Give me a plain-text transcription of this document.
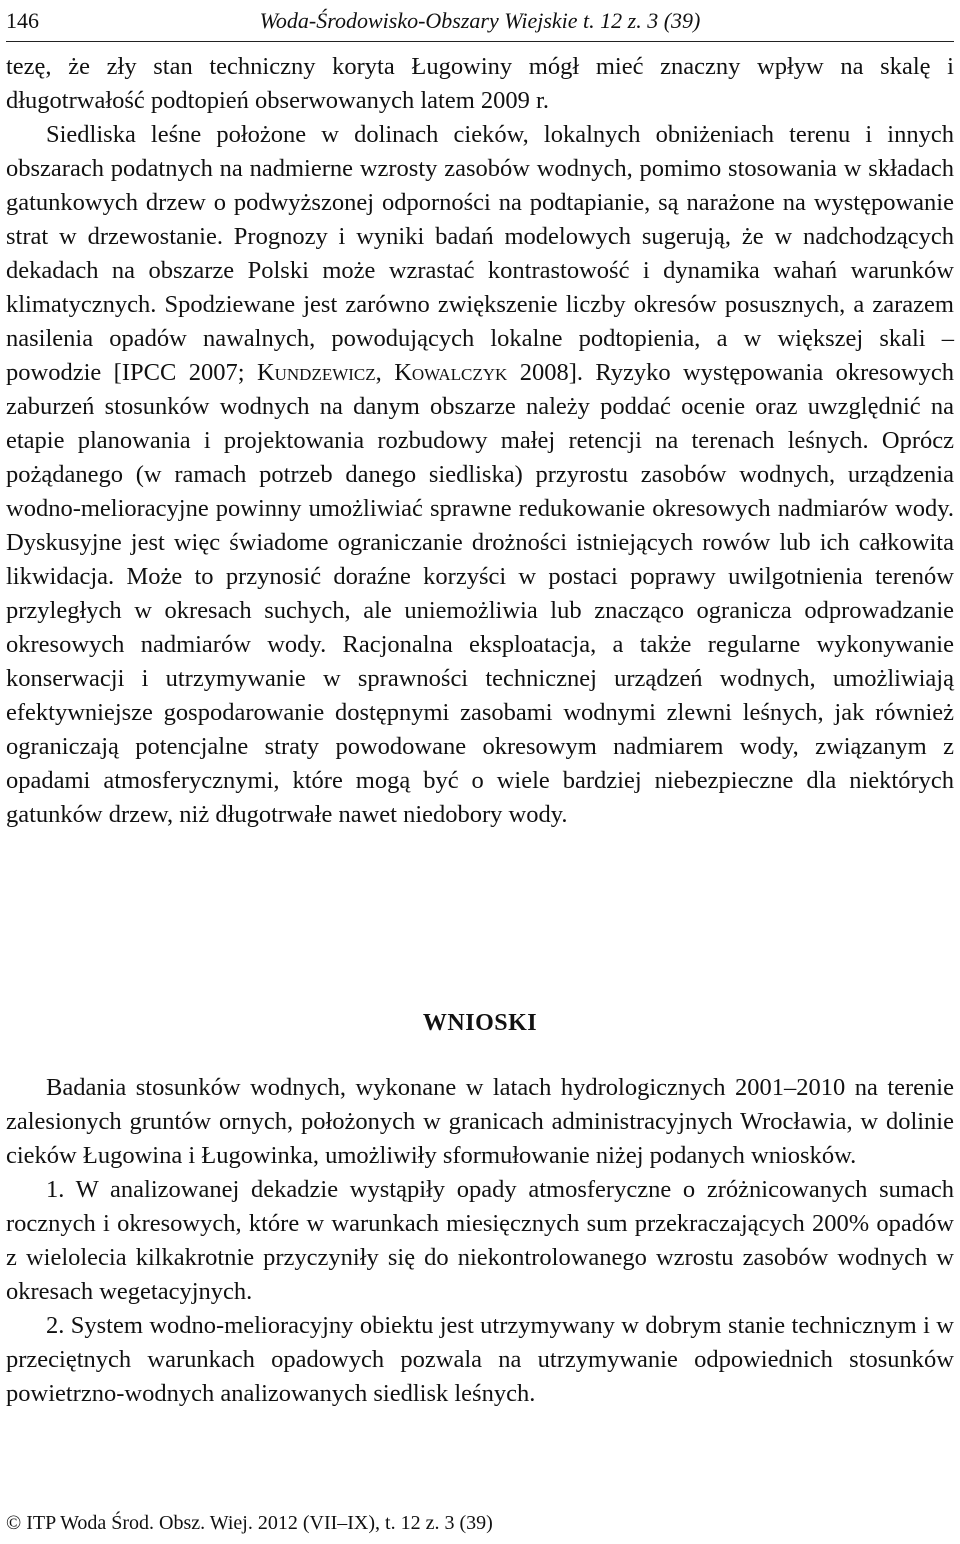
146	Woda-Środowisko-Obszary Wiejskie t. 12 z. 3 (39)

tezę, że zły stan techniczny koryta Ługowiny mógł mieć znaczny wpływ na skalę i długotrwałość podtopień obserwowanych latem 2009 r.

Siedliska leśne położone w dolinach cieków, lokalnych obniżeniach terenu i innych obszarach podatnych na nadmierne wzrosty zasobów wodnych, pomimo stosowania w składach gatunkowych drzew o podwyższonej odporności na podtapianie, są narażone na występowanie strat w drzewostanie. Prognozy i wyniki badań modelowych sugerują, że w nadchodzących dekadach na obszarze Polski może wzrastać kontrastowość i dynamika wahań warunków klimatycznych. Spodziewane jest zarówno zwiększenie liczby okresów posusznych, a zarazem nasilenia opadów nawalnych, powodujących lokalne podtopienia, a w większej skali – powodzie [IPCC 2007; Kundzewicz, Kowalczyk 2008]. Ryzyko występowania okresowych zaburzeń stosunków wodnych na danym obszarze należy poddać ocenie oraz uwzględnić na etapie planowania i projektowania rozbudowy małej retencji na terenach leśnych. Oprócz pożądanego (w ramach potrzeb danego siedliska) przyrostu zasobów wodnych, urządzenia wodno-melioracyjne powinny umożliwiać sprawne redukowanie okresowych nadmiarów wody. Dyskusyjne jest więc świadome ograniczanie drożności istniejących rowów lub ich całkowita likwidacja. Może to przynosić doraźne korzyści w postaci poprawy uwilgotnienia terenów przyległych w okresach suchych, ale uniemożliwia lub znacząco ogranicza odprowadzanie okresowych nadmiarów wody. Racjonalna eksploatacja, a także regularne wykonywanie konserwacji i utrzymywanie w sprawności technicznej urządzeń wodnych, umożliwiają efektywniejsze gospodarowanie dostępnymi zasobami wodnymi zlewni leśnych, jak również ograniczają potencjalne straty powodowane okresowym nadmiarem wody, związanym z opadami atmosferycznymi, które mogą być o wiele bardziej niebezpieczne dla niektórych gatunków drzew, niż długotrwałe nawet niedobory wody.

WNIOSKI

Badania stosunków wodnych, wykonane w latach hydrologicznych 2001–2010 na terenie zalesionych gruntów ornych, położonych w granicach administracyjnych Wrocławia, w dolinie cieków Ługowina i Ługowinka, umożliwiły sformułowanie niżej podanych wniosków.

1. W analizowanej dekadzie wystąpiły opady atmosferyczne o zróżnicowanych sumach rocznych i okresowych, które w warunkach miesięcznych sum przekraczających 200% opadów z wielolecia kilkakrotnie przyczyniły się do niekontrolowanego wzrostu zasobów wodnych w okresach wegetacyjnych.

2. System wodno-melioracyjny obiektu jest utrzymywany w dobrym stanie technicznym i w przeciętnych warunkach opadowych pozwala na utrzymywanie odpowiednich stosunków powietrzno-wodnych analizowanych siedlisk leśnych.

© ITP Woda Środ. Obsz. Wiej. 2012 (VII–IX), t. 12 z. 3 (39)
